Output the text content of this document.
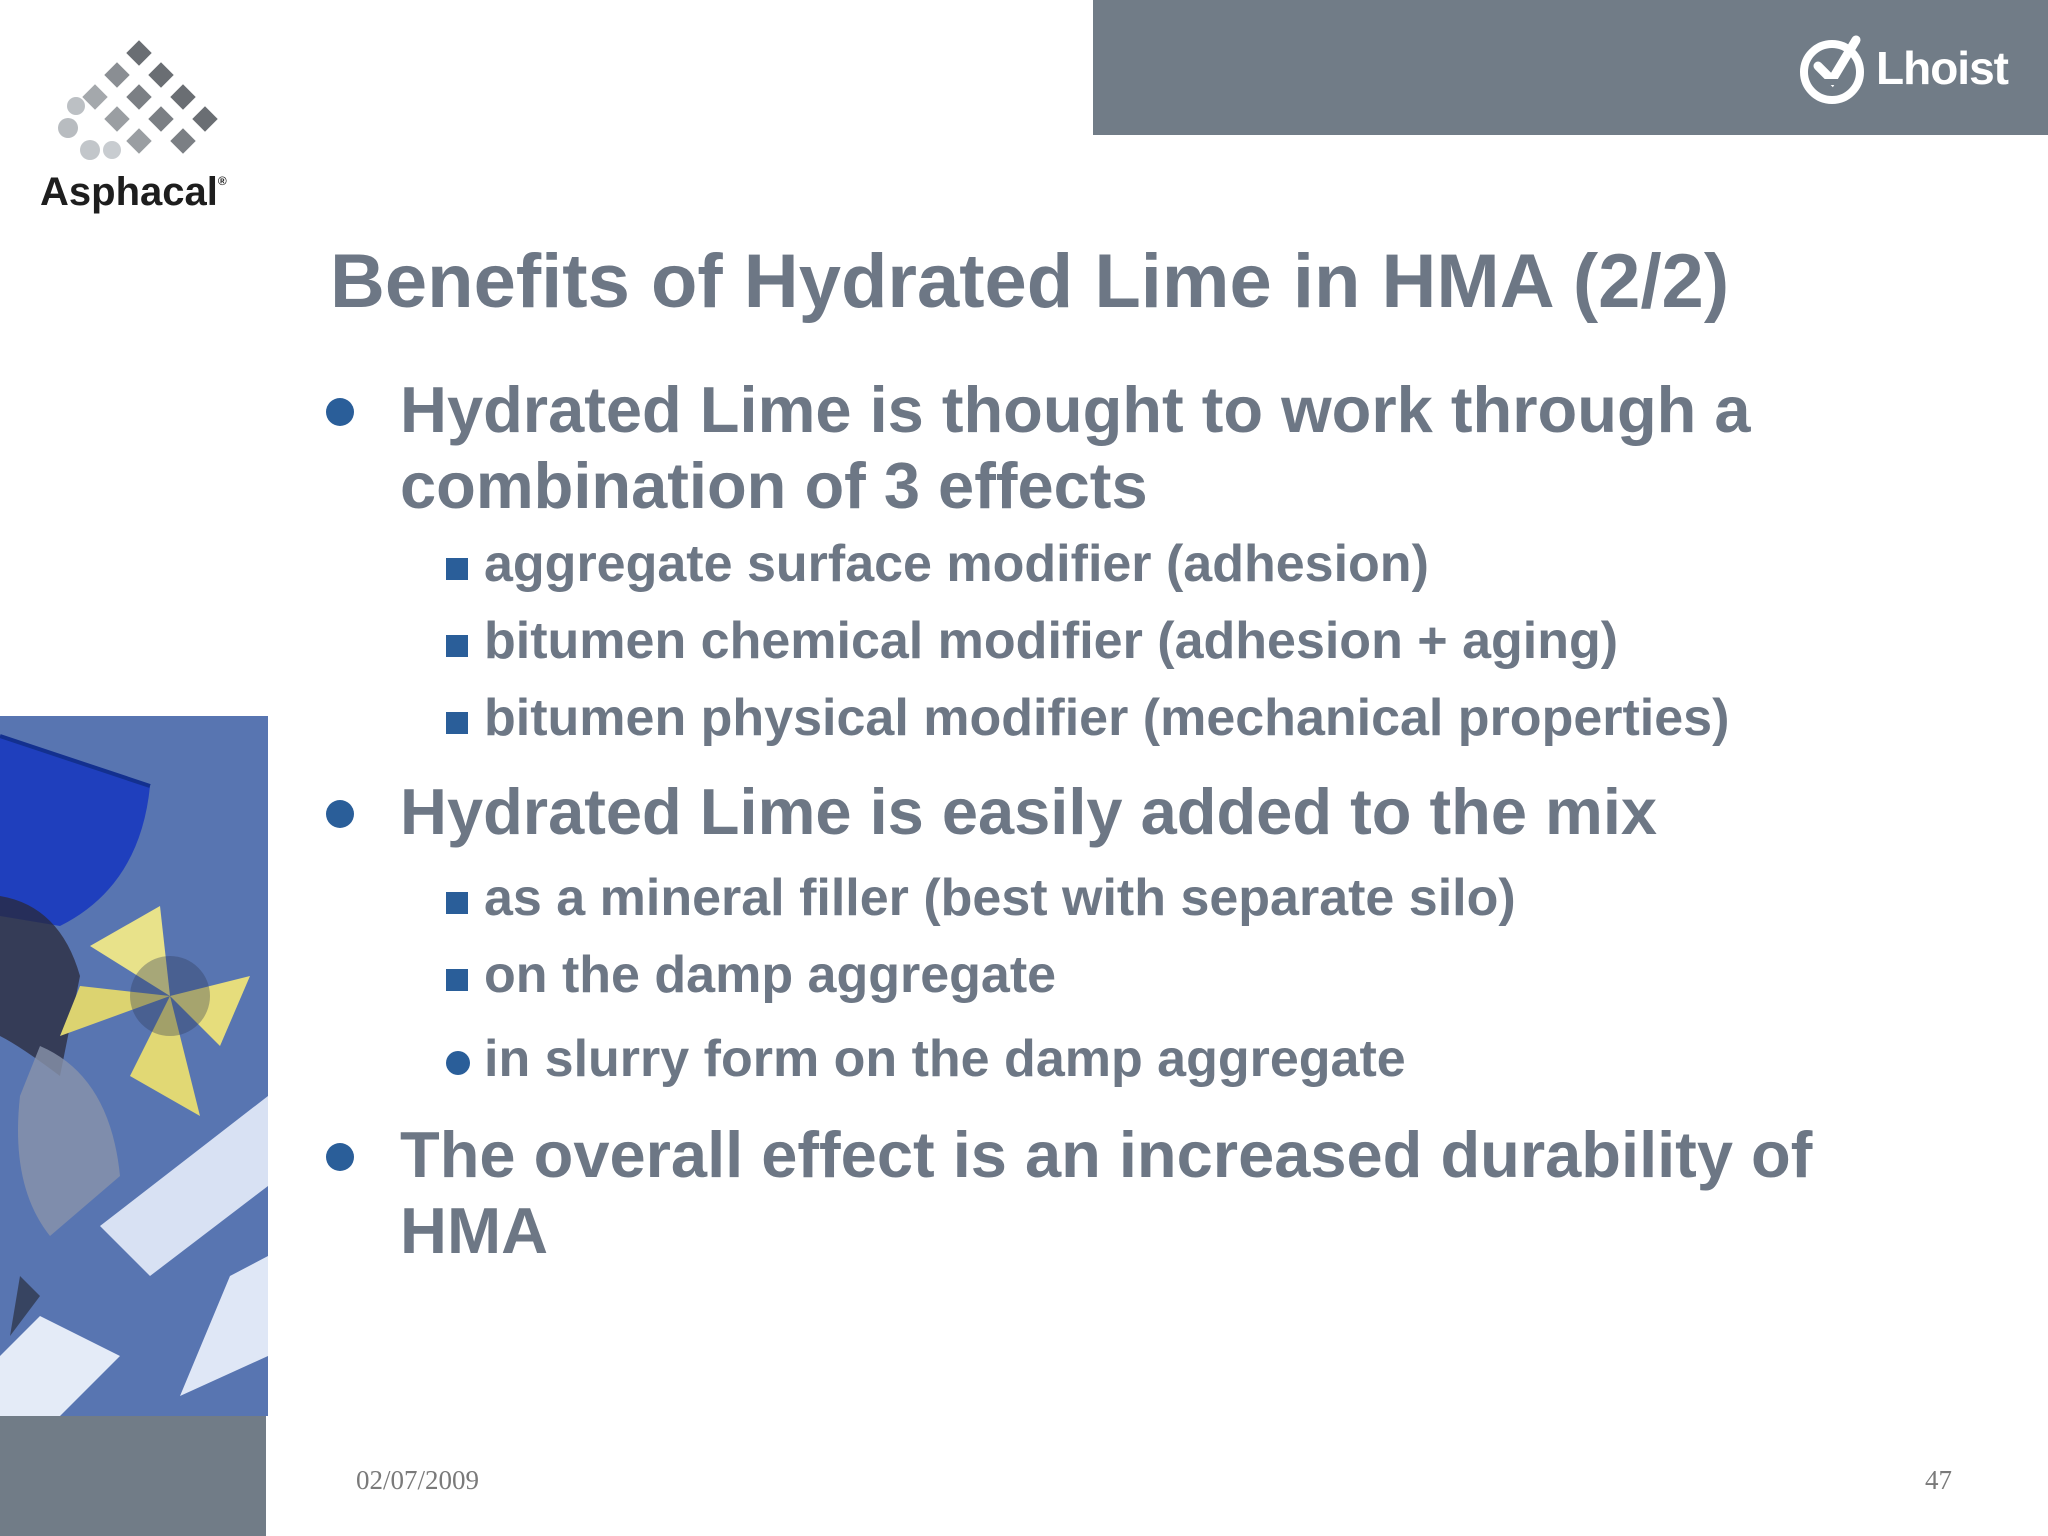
Lhoist
Asphacal®
Benefits of Hydrated Lime in HMA (2/2)
Hydrated Lime is thought to work through a combination of 3 effects
aggregate surface modifier (adhesion)
bitumen chemical modifier (adhesion + aging)
bitumen physical modifier (mechanical properties)
Hydrated Lime is easily added to the mix
as a mineral filler (best with separate silo)
on the damp aggregate
in slurry form on the damp aggregate
The overall effect is an increased durability of HMA
02/07/2009	47
